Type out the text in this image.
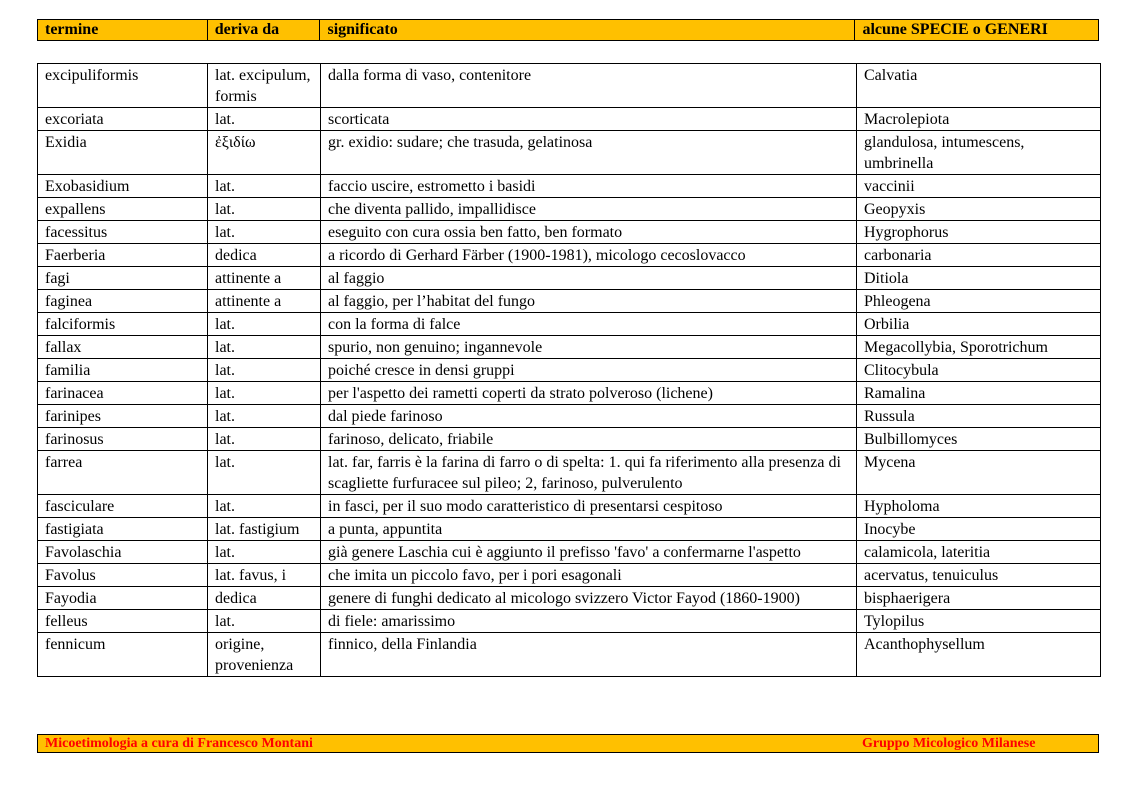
termine	deriva da	significato	alcune SPECIE o GENERI
excipuliformis	lat. excipulum, formis	dalla forma di vaso, contenitore	Calvatia
excoriata	lat.	scorticata	Macrolepiota
Exidia	ἐξιδίω	gr. exidio: sudare; che trasuda, gelatinosa	glandulosa, intumescens, umbrinella
Exobasidium	lat.	faccio uscire, estrometto i basidi	vaccinii
expallens	lat.	che diventa pallido, impallidisce	Geopyxis
facessitus	lat.	eseguito con cura ossia ben fatto, ben formato	Hygrophorus
Faerberia	dedica	a ricordo di Gerhard Färber (1900-1981), micologo cecoslovacco	carbonaria
fagi	attinente a	al faggio	Ditiola
faginea	attinente a	al faggio, per l’habitat del fungo	Phleogena
falciformis	lat.	con la forma di falce	Orbilia
fallax	lat.	spurio, non genuino; ingannevole	Megacollybia, Sporotrichum
familia	lat.	poiché cresce in densi gruppi	Clitocybula
farinacea	lat.	per l'aspetto dei rametti coperti da strato polveroso (lichene)	Ramalina
farinipes	lat.	dal piede farinoso	Russula
farinosus	lat.	farinoso, delicato, friabile	Bulbillomyces
farrea	lat.	lat. far, farris è la farina di farro o di spelta: 1. qui fa riferimento alla presenza di scagliette furfuracee sul pileo; 2, farinoso, pulverulento	Mycena
fasciculare	lat.	in fasci, per il suo modo caratteristico di presentarsi cespitoso	Hypholoma
fastigiata	lat. fastigium	a punta, appuntita	Inocybe
Favolaschia	lat.	già genere Laschia cui è aggiunto il prefisso 'favo' a confermarne l'aspetto	calamicola, lateritia
Favolus	lat. favus, i	che imita un piccolo favo, per i pori esagonali	acervatus, tenuiculus
Fayodia	dedica	genere di funghi dedicato al micologo svizzero Victor Fayod (1860-1900)	bisphaerigera
felleus	lat.	di fiele: amarissimo	Tylopilus
fennicum	origine, provenienza	finnico, della Finlandia	Acanthophysellum
Micoetimologia a cura di Francesco Montani	Gruppo Micologico Milanese
